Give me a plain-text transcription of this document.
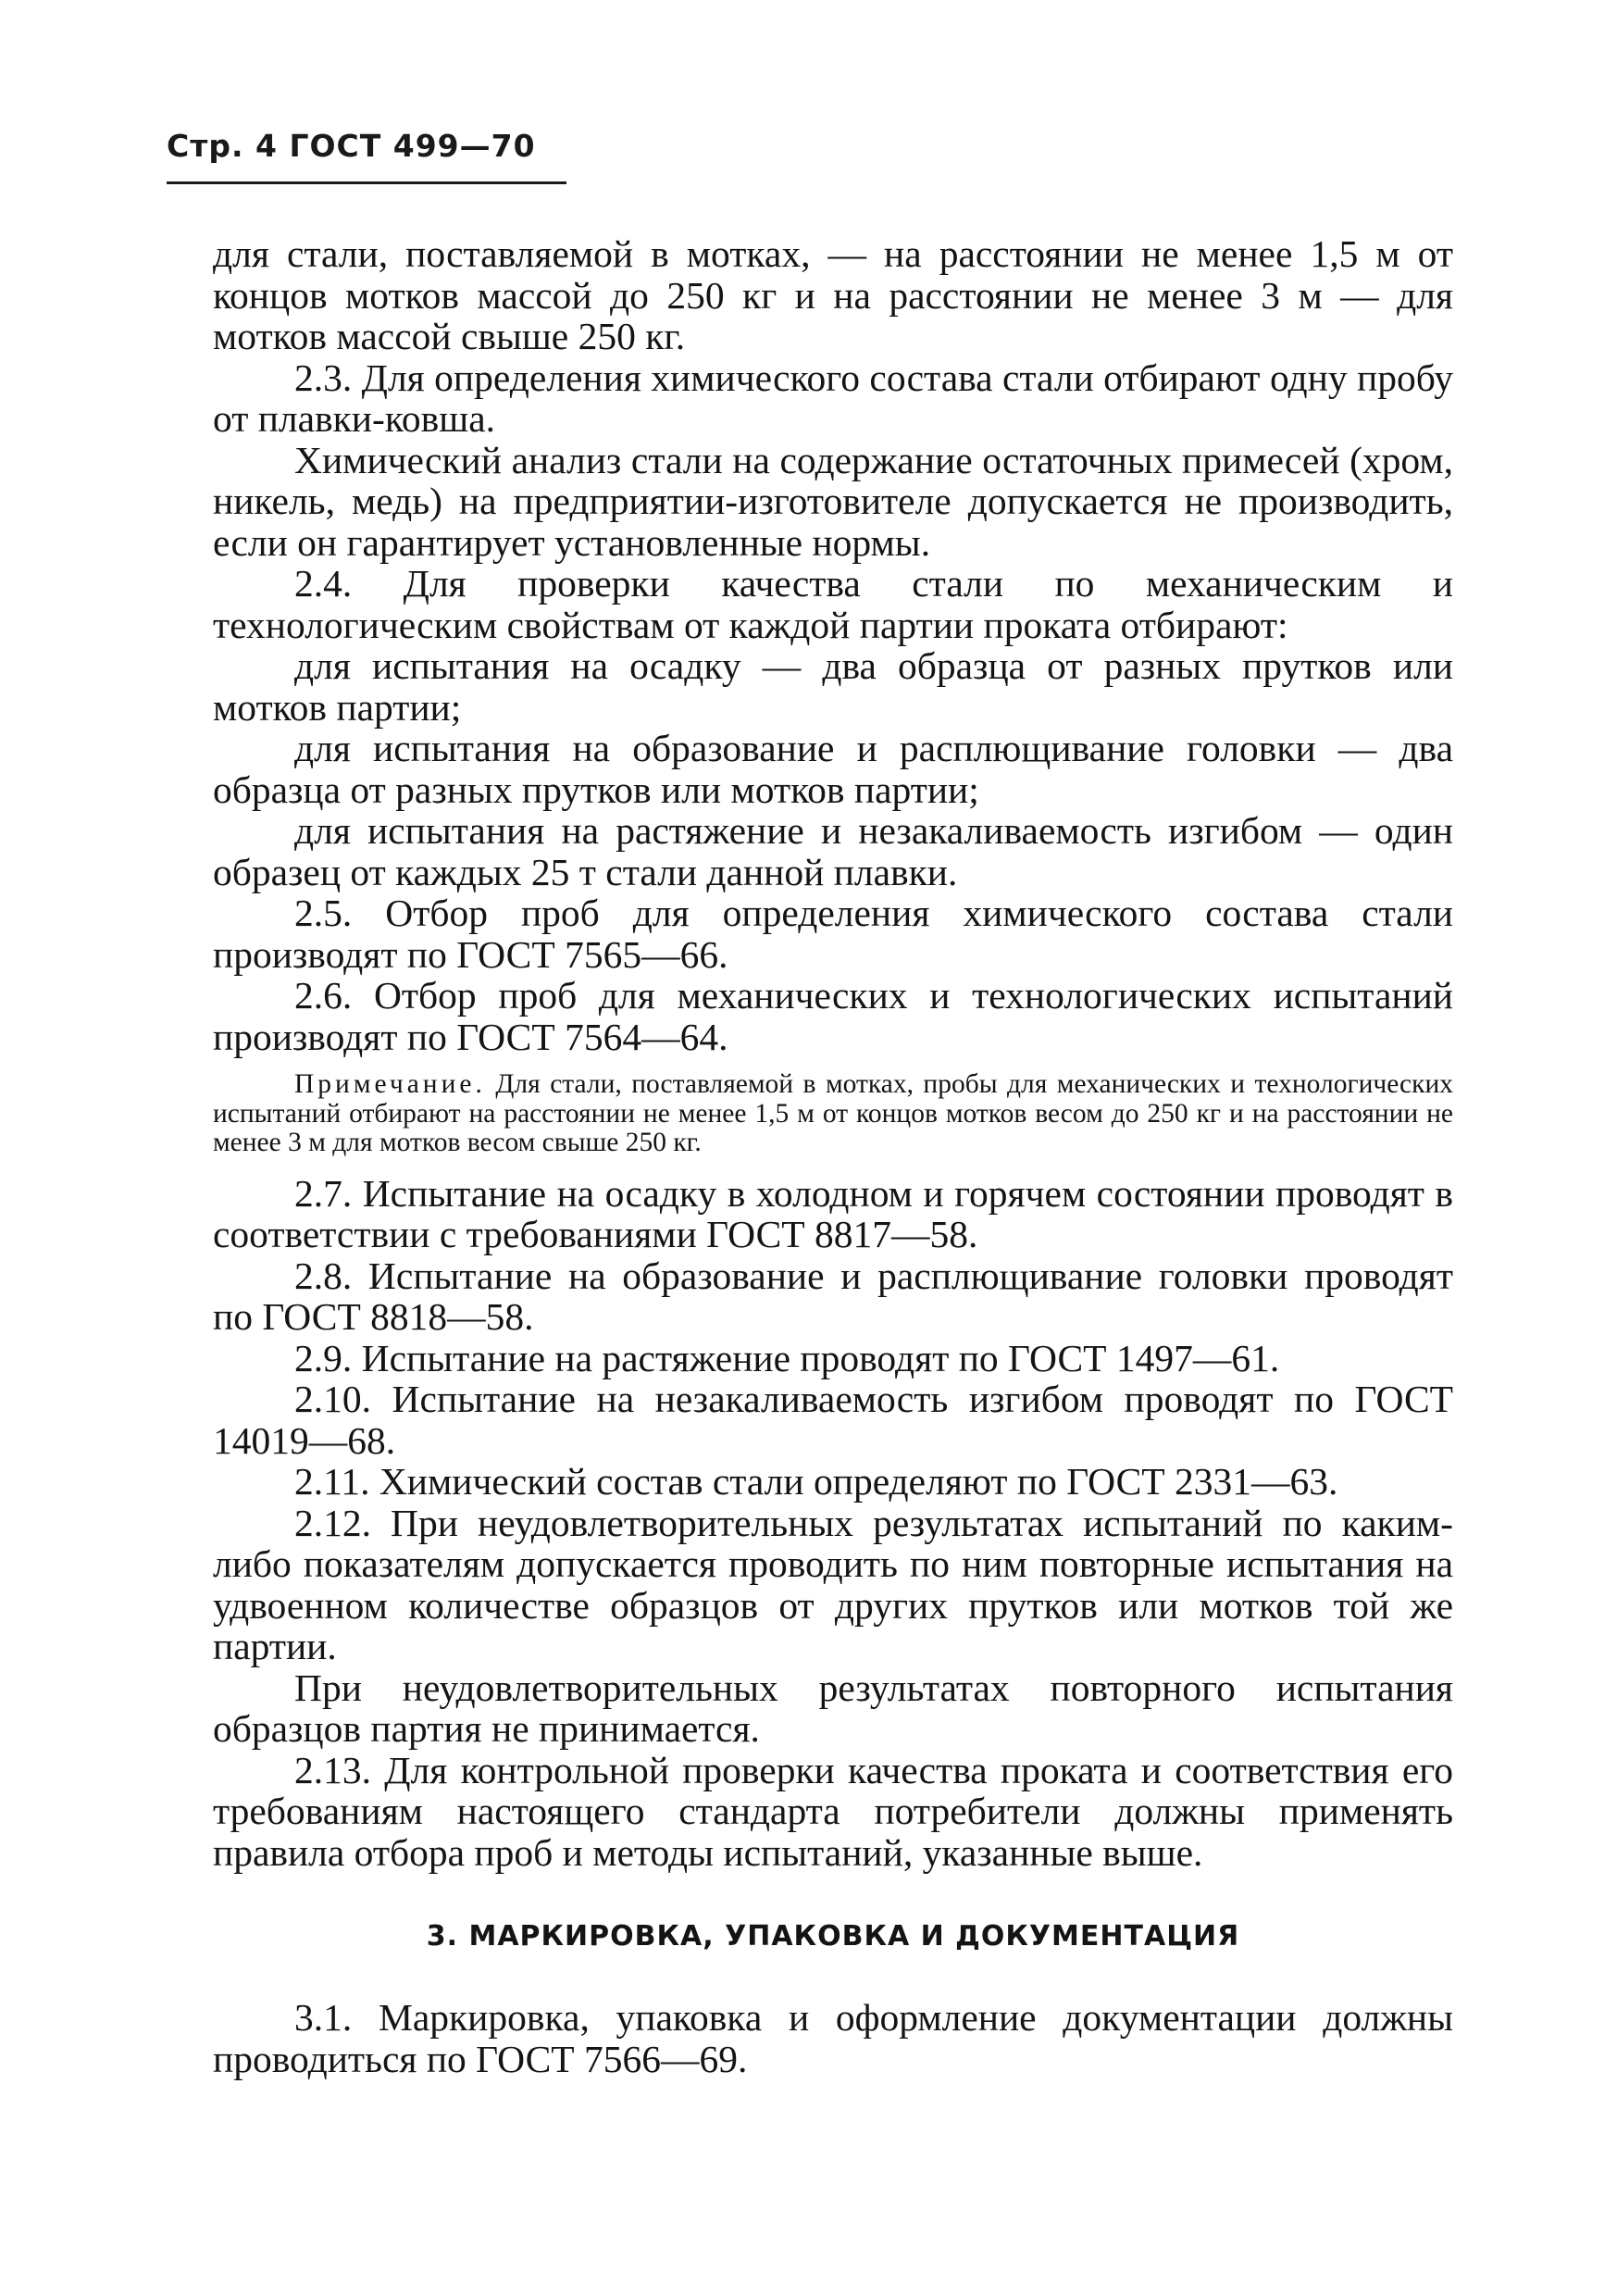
Стр. 4 ГОСТ 499—70

для стали, поставляемой в мотках, — на расстоянии не менее 1,5 м от концов мотков массой до 250 кг и на расстоянии не менее 3 м — для мотков массой свыше 250 кг.

2.3. Для определения химического состава стали отбирают одну пробу от плавки-ковша.

Химический анализ стали на содержание остаточных примесей (хром, никель, медь) на предприятии-изготовителе допускается не производить, если он гарантирует установленные нормы.

2.4. Для проверки качества стали по механическим и технологическим свойствам от каждой партии проката отбирают:

для испытания на осадку — два образца от разных прутков или мотков партии;

для испытания на образование и расплющивание головки — два образца от разных прутков или мотков партии;

для испытания на растяжение и незакаливаемость изгибом — один образец от каждых 25 т стали данной плавки.

2.5. Отбор проб для определения химического состава стали производят по ГОСТ 7565—66.

2.6. Отбор проб для механических и технологических испытаний производят по ГОСТ 7564—64.

Примечание. Для стали, поставляемой в мотках, пробы для механических и технологических испытаний отбирают на расстоянии не менее 1,5 м от концов мотков весом до 250 кг и на расстоянии не менее 3 м для мотков весом свыше 250 кг.

2.7. Испытание на осадку в холодном и горячем состоянии проводят в соответствии с требованиями ГОСТ 8817—58.

2.8. Испытание на образование и расплющивание головки проводят по ГОСТ 8818—58.

2.9. Испытание на растяжение проводят по ГОСТ 1497—61.

2.10. Испытание на незакаливаемость изгибом проводят по ГОСТ 14019—68.

2.11. Химический состав стали определяют по ГОСТ 2331—63.

2.12. При неудовлетворительных результатах испытаний по каким-либо показателям допускается проводить по ним повторные испытания на удвоенном количестве образцов от других прутков или мотков той же партии.

При неудовлетворительных результатах повторного испытания образцов партия не принимается.

2.13. Для контрольной проверки качества проката и соответствия его требованиям настоящего стандарта потребители должны применять правила отбора проб и методы испытаний, указанные выше.

3. МАРКИРОВКА, УПАКОВКА И ДОКУМЕНТАЦИЯ

3.1. Маркировка, упаковка и оформление документации должны проводиться по ГОСТ 7566—69.
